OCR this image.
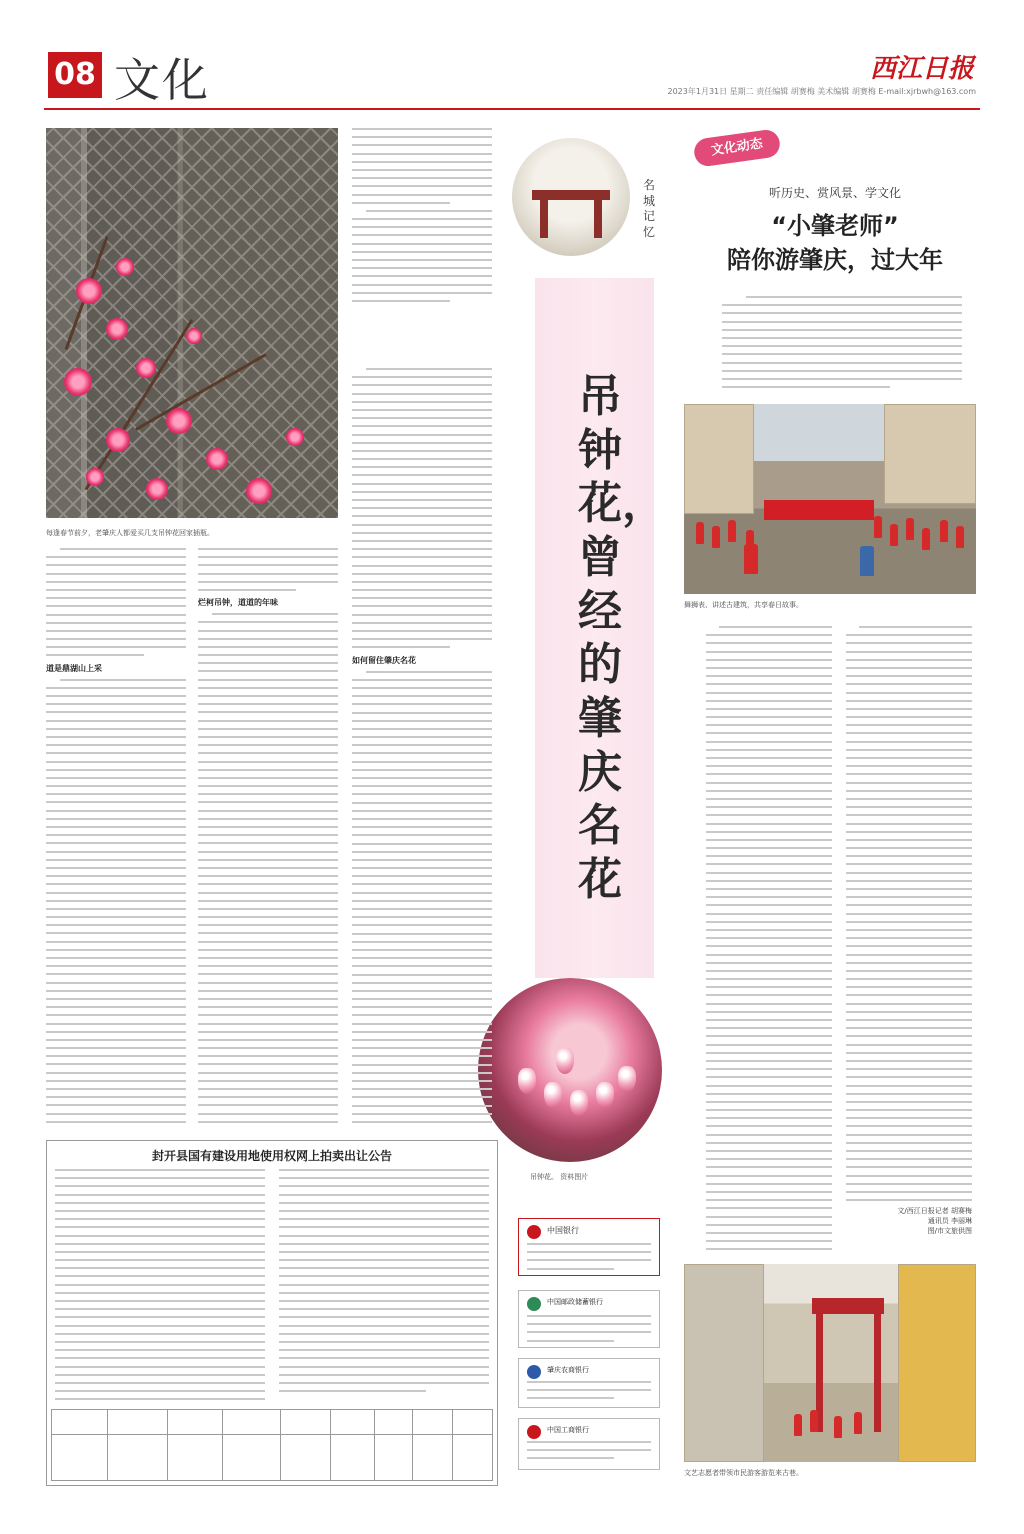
08 文化	西江日报
2023年1月31日 星期二 责任编辑 胡赛梅 美术编辑 胡赛梅 E-mail:xjrbwh@163.com
每逢春节前夕，老肇庆人都爱买几支吊钟花回家插瓶。
名城记忆
吊钟花，曾经的肇庆名花
吊钟花。 资料图片
道是鼎湖山上采
烂柯吊钟，道道的年味
如何留住肇庆名花
文化动态
听历史、赏风景、学文化
“小肇老师”
陪你游肇庆，过大年
舞狮表、讲述古建筑，共享春日故事。
文/西江日报记者 胡赛梅
通讯员 李丽琳
图/市文旅供图
文艺志愿者带领市民游客游览来古巷。
封开县国有建设用地使用权网上拍卖出让公告
中国银行
中国邮政储蓄银行
肇庆农商银行
中国工商银行
